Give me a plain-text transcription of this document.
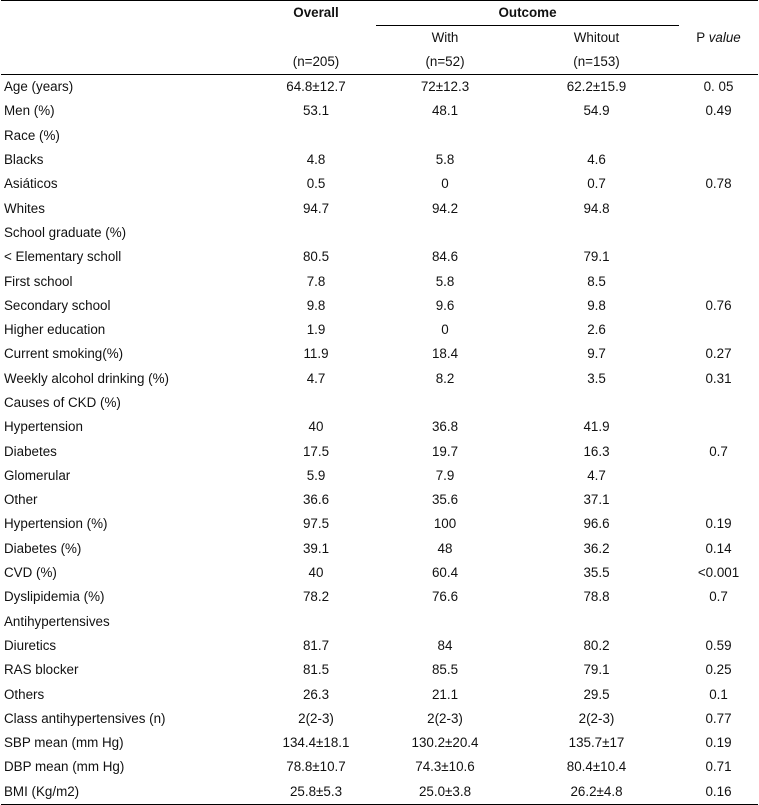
	Overall	Outcome		
		With	Whitout	P value
	(n=205)	(n=52)	(n=153)	
Age (years)	64.8±12.7	72±12.3	62.2±15.9	0. 05
Men (%)	53.1	48.1	54.9	0.49
Race (%)				
Blacks	4.8	5.8	4.6	
Asiáticos	0.5	0	0.7	0.78
Whites	94.7	94.2	94.8	
School graduate (%)				
< Elementary scholl	80.5	84.6	79.1	
First school	7.8	5.8	8.5	
Secondary school	9.8	9.6	9.8	0.76
Higher education	1.9	0	2.6	
Current smoking(%)	11.9	18.4	9.7	0.27
Weekly alcohol drinking (%)	4.7	8.2	3.5	0.31
Causes of CKD (%)				
Hypertension	40	36.8	41.9	
Diabetes	17.5	19.7	16.3	0.7
Glomerular	5.9	7.9	4.7	
Other	36.6	35.6	37.1	
Hypertension (%)	97.5	100	96.6	0.19
Diabetes (%)	39.1	48	36.2	0.14
CVD (%)	40	60.4	35.5	<0.001
Dyslipidemia (%)	78.2	76.6	78.8	0.7
Antihypertensives				
Diuretics	81.7	84	80.2	0.59
RAS blocker	81.5	85.5	79.1	0.25
Others	26.3	21.1	29.5	0.1
Class antihypertensives (n)	2(2-3)	2(2-3)	2(2-3)	0.77
SBP mean (mm Hg)	134.4±18.1	130.2±20.4	135.7±17	0.19
DBP mean (mm Hg)	78.8±10.7	74.3±10.6	80.4±10.4	0.71
BMI (Kg/m2)	25.8±5.3	25.0±3.8	26.2±4.8	0.16
